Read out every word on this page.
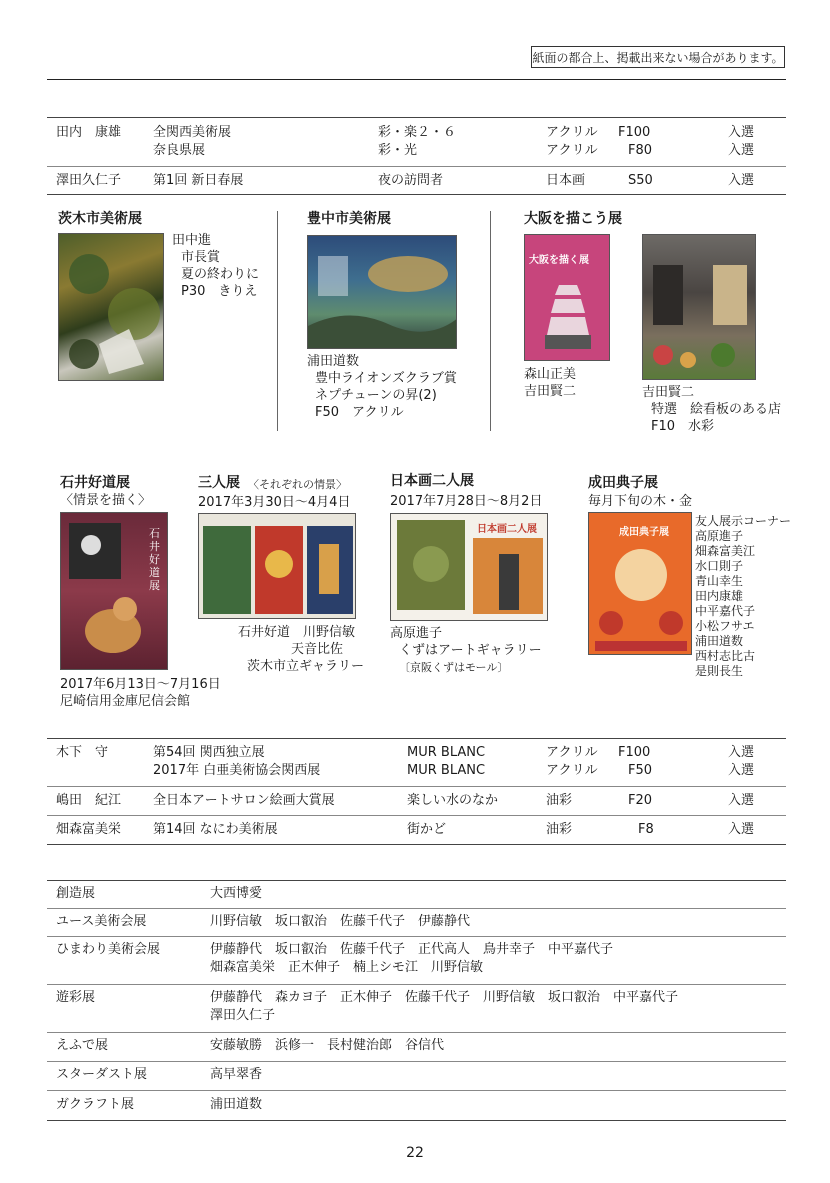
紙面の都合上、掲載出来ない場合があります。
田内　康雄 全関西美術展	彩・楽２・６	アクリル F100	入選
奈良県展	彩・光	アクリル F80	入選
澤田久仁子 第1回 新日春展	夜の訪問者	日本画	S50	入選
茨木市美術展
田中進
市長賞
夏の終わりに
P30　きりえ
豊中市美術展
浦田道数
豊中ライオンズクラブ賞
ネプチューンの昇(2)
F50　アクリル
大阪を描こう展
大阪を描く展
森山正美
吉田賢二	吉田賢二
特選　絵看板のある店
F10　水彩
石井好道展
〈情景を描く〉
石井好道展
2017年6月13日〜7月16日
尼崎信用金庫尼信会館
三人展 〈それぞれの情景〉
2017年3月30日〜4月4日
石井好道　川野信敏
天音比佐
茨木市立ギャラリー
日本画二人展
2017年7月28日〜8月2日
日本画二人展
高原進子
くずはアートギャラリー
〔京阪くずはモール〕
成田典子展
毎月下旬の木・金
成田典子展
友人展示コーナー
高原進子
畑森富美江
水口則子
青山幸生
田内康雄
中平嘉代子
小松フサエ
浦田道数
西村志比古
是則長生
木下　守	第54回 関西独立展	MUR BLANC	アクリル F100	入選
2017年 白亜美術協会関西展	MUR BLANC	アクリル F50	入選
嶋田　紀江 全日本アートサロン絵画大賞展	楽しい水のなか	油彩	F20	入選
畑森富美栄 第14回 なにわ美術展	街かど	油彩	F8	入選
創造展	大西博愛
ユース美術会展	川野信敏　坂口叡治　佐藤千代子　伊藤静代
ひまわり美術会展	伊藤静代　坂口叡治　佐藤千代子　正代高人　鳥井幸子　中平嘉代子
畑森富美栄　正木伸子　楠上シモ江　川野信敏
遊彩展	伊藤静代　森カヨ子　正木伸子　佐藤千代子　川野信敏　坂口叡治　中平嘉代子
澤田久仁子
えふで展	安藤敏勝　浜修一　長村健治郎　谷信代
スターダスト展	高早翠香
ガクラフト展	浦田道数
22
